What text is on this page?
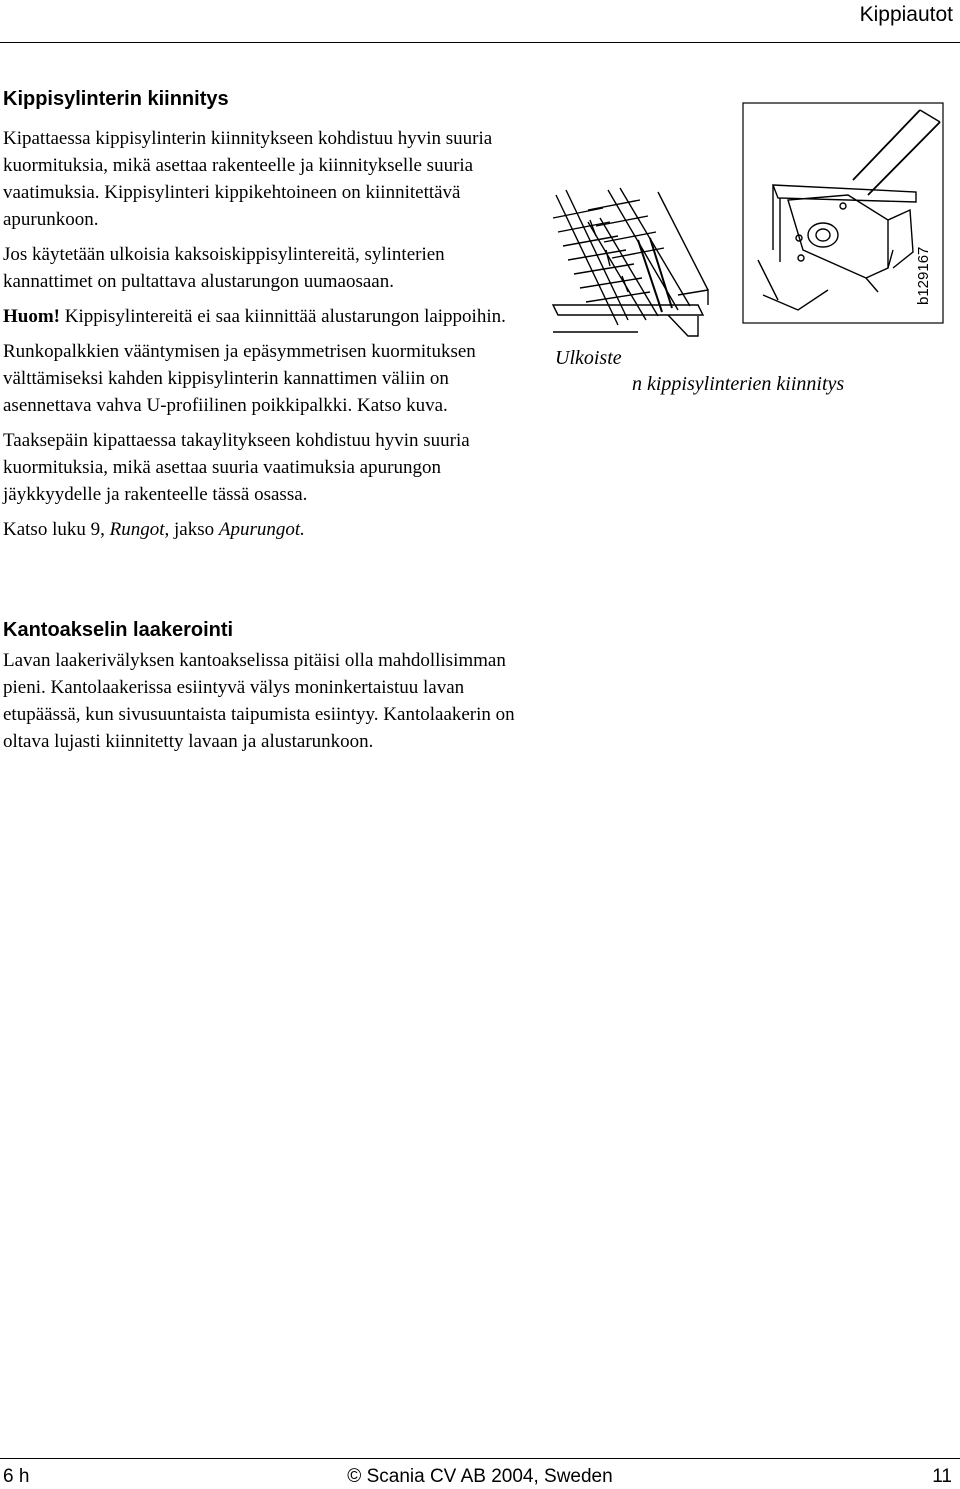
Kippiautot
Kippisylinterin kiinnitys

Kipattaessa kippisylinterin kiinnitykseen kohdistuu hyvin suuria kuormituksia, mikä asettaa rakenteelle ja kiinnitykselle suuria vaatimuksia. Kippisylinteri kippikehtoineen on kiinnitettävä apurunkoon.

Jos käytetään ulkoisia kaksoiskippisylintereitä, sylinterien kannattimet on pultattava alustarungon uumaosaan.

Huom! Kippisylintereitä ei saa kiinnittää alustarungon laippoihin.

Runkopalkkien vääntymisen ja epäsymmetrisen kuormituksen välttämiseksi kahden kippisylinterin kannattimen väliin on asennettava vahva U-profiilinen poikkipalkki. Katso kuva.

Taaksepäin kipattaessa takaylitykseen kohdistuu hyvin suuria kuormituksia, mikä asettaa suuria vaatimuksia apurungon jäykkyydelle ja rakenteelle tässä osassa.

Katso luku 9, Rungot, jakso Apurungot.

Ulkoiste
n kippisylinterien kiinnitys
b129167
Kantoakselin laakerointi

Lavan laakerivälyksen kantoakselissa pitäisi olla mahdollisimman pieni. Kantolaakerissa esiintyvä välys moninkertaistuu lavan etupäässä, kun sivusuuntaista taipumista esiintyy. Kantolaakerin on oltava lujasti kiinnitetty lavaan ja alustarunkoon.

6 h	© Scania CV AB 2004, Sweden	11
